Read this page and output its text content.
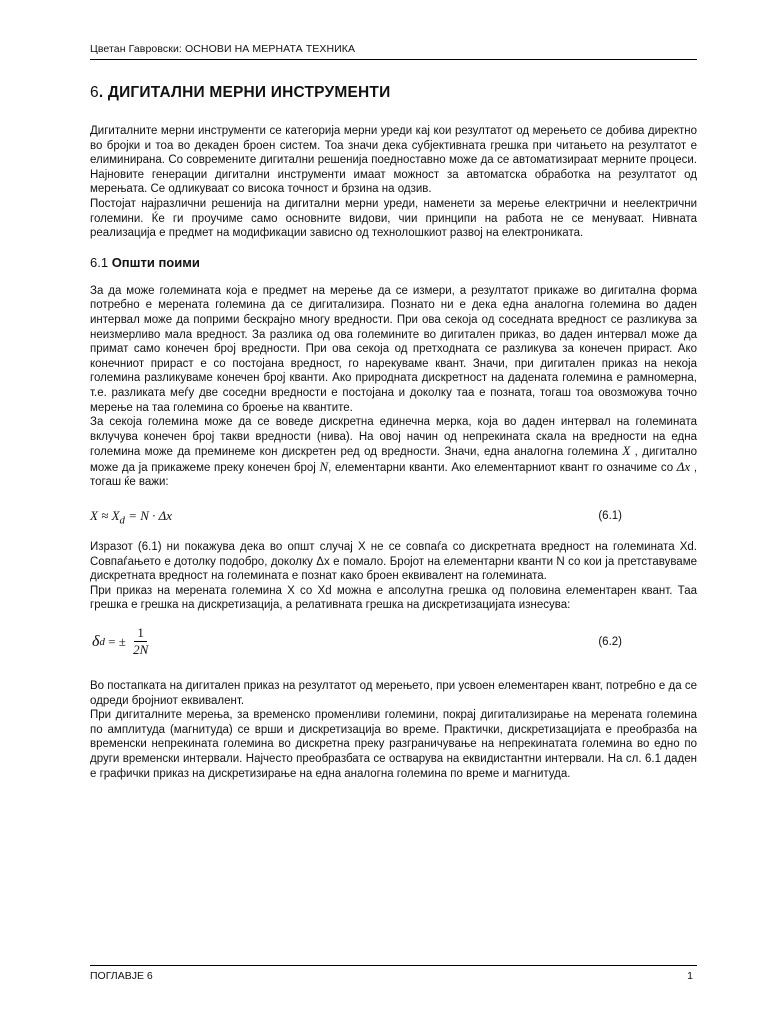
Цветан Гавровски: ОСНОВИ НА МЕРНАТА ТЕХНИКА
6. ДИГИТАЛНИ МЕРНИ ИНСТРУМЕНТИ

Дигиталните мерни инструменти се категорија мерни уреди кај кои резултатот од мерењето се добива директно во бројки и тоа во декаден броен систем. Тоа значи дека субјективната грешка при читањето на резултатот е елиминирана. Со современите дигитални решенија поедноставно може да се автоматизираат мерните процеси. Најновите генерации дигитални инструменти имаат можност за автоматска обработка на резултатот од мерењата. Се одликуваат со висока точност и брзина на одзив.

Постојат најразлични решенија на дигитални мерни уреди, наменети за мерење електрични и неелектрични големини. Ќе ги проучиме само основните видови, чии принципи на работа не се менуваат. Нивната реализација е предмет на модификации зависно од технолошкиот развој на електрониката.

6.1 Општи поими

За да може големината која е предмет на мерење да се измери, а резултатот прикаже во дигитална форма потребно е мерената големина да се дигитализира. Познато ни е дека една аналогна големина во даден интервал може да поприми бескрајно многу вредности. При ова секоја од соседната вредност се разликува за неизмерливо мала вредност. За разлика од ова големините во дигитален приказ, во даден интервал може да примат само конечен број вредности. При ова секоја од претходната се разликува за конечен прираст. Ако конечниот прираст е со постојана вредност, го нарекуваме квант. Значи, при дигитален приказ на некоја големина разликуваме конечен број кванти. Ако природната дискретност на дадената големина е рамномерна, т.е. разликата меѓу две соседни вредности е постојана и доколку таа е позната, тогаш тоа овозможува точно мерење на таа големина со броење на квантите.

За секоја големина може да се воведе дискретна единечна мерка, која во даден интервал на големината вклучува конечен број такви вредности (нива). На овој начин од непрекината скала на вредности на една големина може да преминеме кон дискретен ред од вредности. Значи, една аналогна големина X , дигитално може да ја прикажеме преку конечен број N, елементарни кванти. Ако елементарниот квант го означиме со Δx , тогаш ќе важи:

$X \approx X_d = N \cdot \Delta x$	(6.1)

Изразот (6.1) ни покажува дека во општ случај X не се совпаѓа со дискретната вредност на големината Xd. Совпаѓањето е дотолку подобро, доколку Δx е помало. Бројот на елементарни кванти N со кои ја претставуваме дискретната вредност на големината е познат како броен еквивалент на големината.

При приказ на мерената големина X со Xd можна е апсолутна грешка од половина елементарен квант. Таа грешка е грешка на дискретизација, а релативната грешка на дискретизацијата изнесува:

δ d = ± $\frac{1}{2N}$	(6.2)

Во постапката на дигитален приказ на резултатот од мерењето, при усвоен елементарен квант, потребно е да се одреди бројниот еквивалент.

При дигиталните мерења, за временско променливи големини, покрај дигитализирање на мерената големина по амплитуда (магнитуда) се врши и дискретизација во време. Практички, дискретизацијата е преобразба на временски непрекината големина во дискретна преку разграничување на непрекинатата големина во едно по други временски интервали. Најчесто преобразбата се остварува на еквидистантни интервали. На сл. 6.1 даден е графички приказ на дискретизирање на една аналогна големина по време и магнитуда.

ПОГЛАВЈЕ 6	1
